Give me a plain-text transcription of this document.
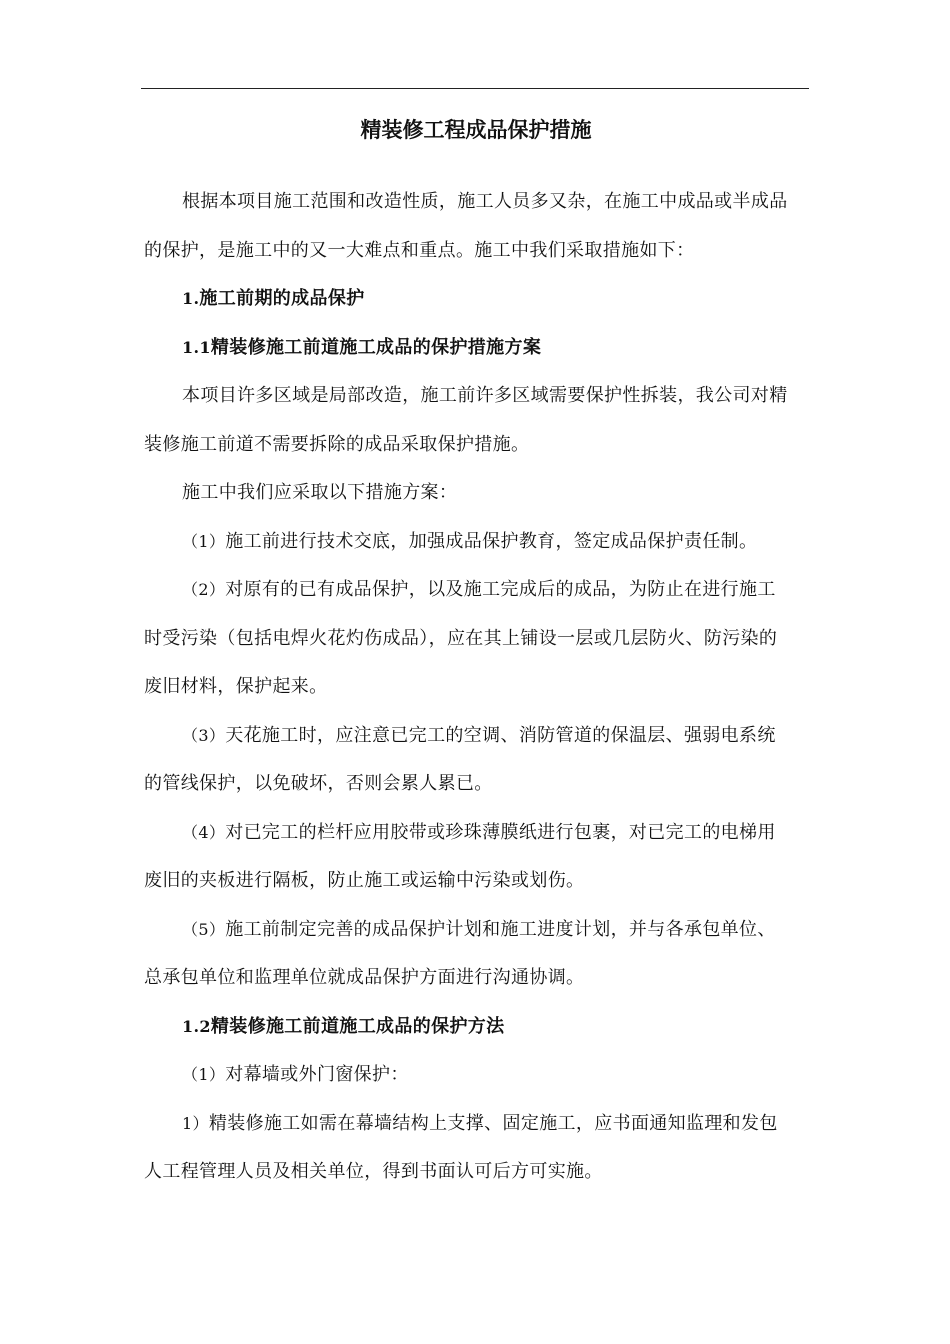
精装修工程成品保护措施

根据本项目施工范围和改造性质，施工人员多又杂，在施工中成品或半成品

的保护，是施工中的又一大难点和重点。施工中我们采取措施如下：

1.施工前期的成品保护

1.1精装修施工前道施工成品的保护措施方案

本项目许多区域是局部改造，施工前许多区域需要保护性拆装，我公司对精

装修施工前道不需要拆除的成品采取保护措施。

施工中我们应采取以下措施方案：

（1）施工前进行技术交底，加强成品保护教育，签定成品保护责任制。

（2）对原有的已有成品保护，以及施工完成后的成品，为防止在进行施工

时受污染（包括电焊火花灼伤成品），应在其上铺设一层或几层防火、防污染的

废旧材料，保护起来。

（3）天花施工时，应注意已完工的空调、消防管道的保温层、强弱电系统

的管线保护，以免破坏，否则会累人累已。

（4）对已完工的栏杆应用胶带或珍珠薄膜纸进行包裹，对已完工的电梯用

废旧的夹板进行隔板，防止施工或运输中污染或划伤。

（5）施工前制定完善的成品保护计划和施工进度计划，并与各承包单位、

总承包单位和监理单位就成品保护方面进行沟通协调。

1.2精装修施工前道施工成品的保护方法

（1）对幕墙或外门窗保护：

1）精装修施工如需在幕墙结构上支撑、固定施工，应书面通知监理和发包

人工程管理人员及相关单位，得到书面认可后方可实施。
